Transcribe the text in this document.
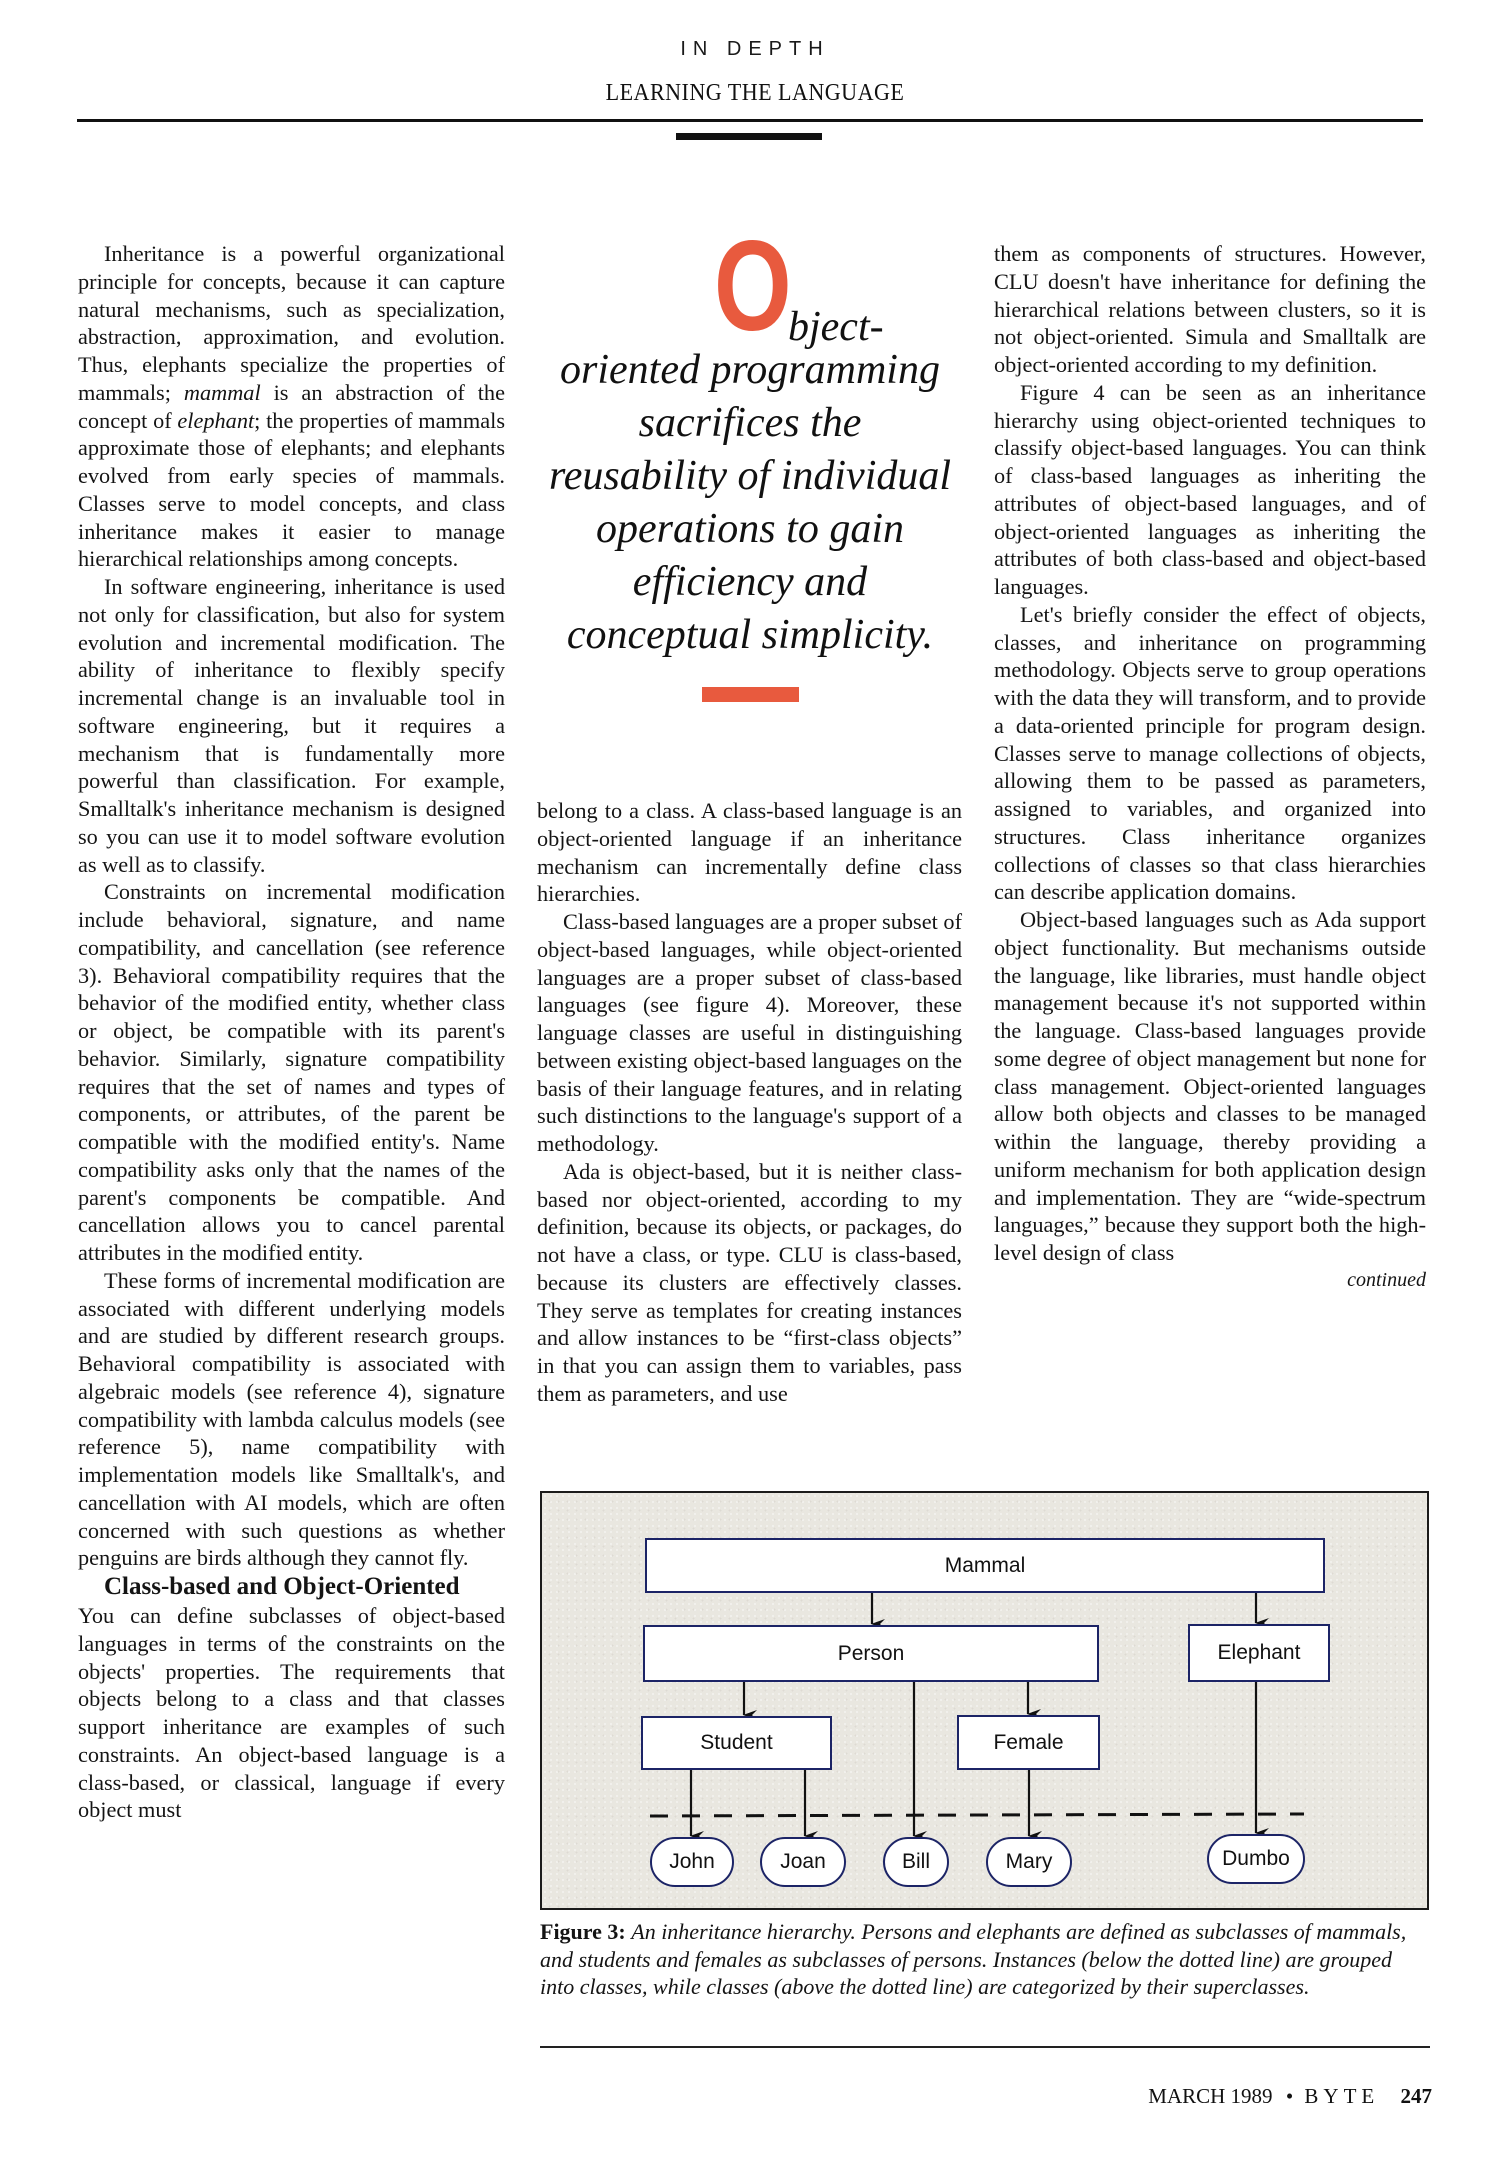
IN DEPTH
LEARNING THE LANGUAGE

Inheritance is a powerful organizational principle for concepts, because it can capture natural mechanisms, such as specialization, abstraction, approximation, and evolution. Thus, elephants specialize the properties of mammals; mammal is an abstraction of the concept of elephant; the properties of mammals approximate those of elephants; and elephants evolved from early species of mammals. Classes serve to model concepts, and class inheritance makes it easier to manage hierarchical relationships among concepts.

In software engineering, inheritance is used not only for classification, but also for system evolution and incremental modification. The ability of inheritance to flexibly specify incremental change is an invaluable tool in software engineering, but it requires a mechanism that is fundamentally more powerful than classification. For example, Smalltalk's inheritance mechanism is designed so you can use it to model software evolution as well as to classify.

Constraints on incremental modification include behavioral, signature, and name compatibility, and cancellation (see reference 3). Behavioral compatibility requires that the behavior of the modified entity, whether class or object, be compatible with its parent's behavior. Similarly, signature compatibility requires that the set of names and types of components, or attributes, of the parent be compatible with the modified entity's. Name compatibility asks only that the names of the parent's components be compatible. And cancellation allows you to cancel parental attributes in the modified entity.

These forms of incremental modification are associated with different underlying models and are studied by different research groups. Behavioral compatibility is associated with algebraic models (see reference 4), signature compatibility with lambda calculus models (see reference 5), name compatibility with implementation models like Smalltalk's, and cancellation with AI models, which are often concerned with such questions as whether penguins are birds although they cannot fly.

Class-based and Object-Oriented

You can define subclasses of object-based languages in terms of the constraints on the objects' properties. The requirements that objects belong to a class and that classes support inheritance are examples of such constraints. An object-based language is a class-based, or classical, language if every object must

O
bject-
oriented programming
sacrifices the
reusability of individual
operations to gain
efficiency and
conceptual simplicity.

belong to a class. A class-based language is an object-oriented language if an inheritance mechanism can incrementally define class hierarchies.

Class-based languages are a proper subset of object-based languages, while object-oriented languages are a proper subset of class-based languages (see figure 4). Moreover, these language classes are useful in distinguishing between existing object-based languages on the basis of their language features, and in relating such distinctions to the language's support of a methodology.

Ada is object-based, but it is neither class-based nor object-oriented, according to my definition, because its objects, or packages, do not have a class, or type. CLU is class-based, because its clusters are effectively classes. They serve as templates for creating instances and allow instances to be “first-class objects” in that you can assign them to variables, pass them as parameters, and use

them as components of structures. However, CLU doesn't have inheritance for defining the hierarchical relations between clusters, so it is not object-oriented. Simula and Smalltalk are object-oriented according to my definition.

Figure 4 can be seen as an inheritance hierarchy using object-oriented techniques to classify object-based languages. You can think of class-based languages as inheriting the attributes of object-based languages, and of object-oriented languages as inheriting the attributes of both class-based and object-based languages.

Let's briefly consider the effect of objects, classes, and inheritance on programming methodology. Objects serve to group operations with the data they will transform, and to provide a data-oriented principle for program design. Classes serve to manage collections of objects, allowing them to be passed as parameters, assigned to variables, and organized into structures. Class inheritance organizes collections of classes so that class hierarchies can describe application domains.

Object-based languages such as Ada support object functionality. But mechanisms outside the language, like libraries, must handle object management because it's not supported within the language. Class-based languages provide some degree of object management but none for class management. Object-oriented languages allow both objects and classes to be managed within the language, thereby providing a uniform mechanism for both application design and implementation. They are “wide-spectrum languages,” because they support both the high-level design of class

continued

Mammal
Person	Elephant
Student	Female
John	Joan	Bill	Mary	Dumbo
Figure 3: An inheritance hierarchy. Persons and elephants are defined as subclasses of mammals, and students and females as subclasses of persons. Instances (below the dotted line) are grouped into classes, while classes (above the dotted line) are categorized by their superclasses.
MARCH 1989 • BYTE 247
